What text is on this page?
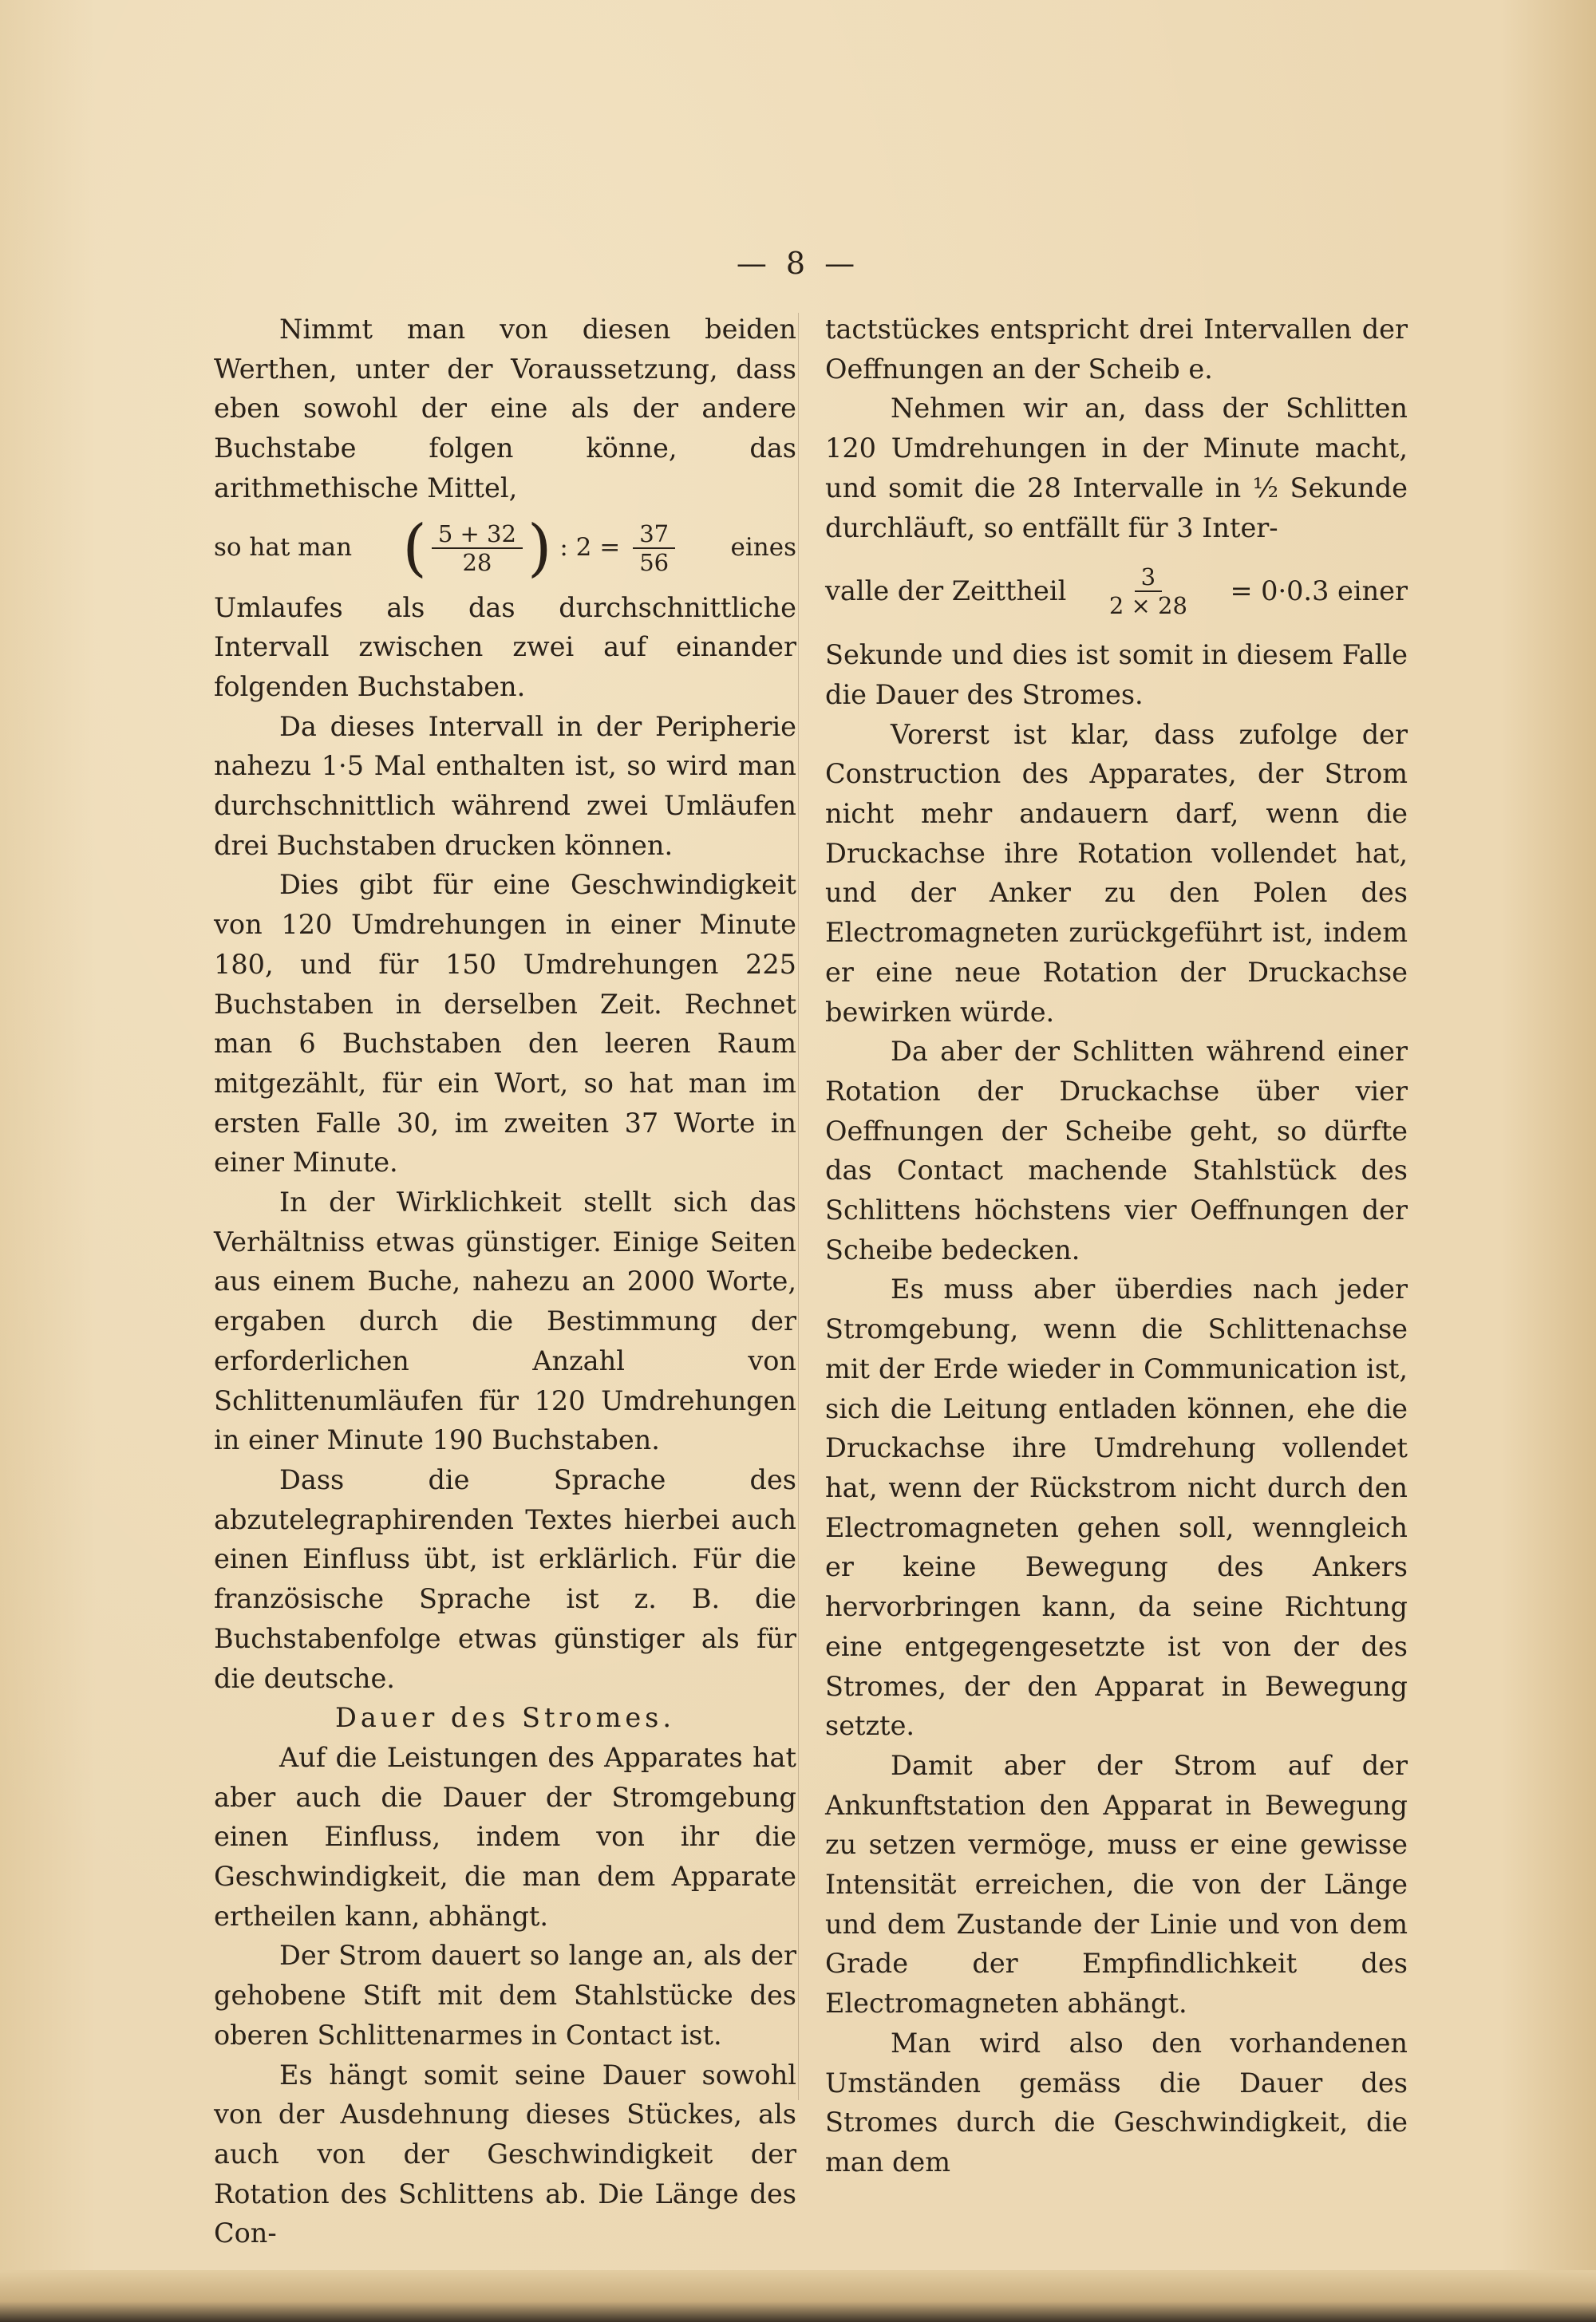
— 8 —

Nimmt man von diesen beiden Werthen, unter der Voraussetzung, dass eben sowohl der eine als der andere Buchstabe folgen könne, das arithmethische Mittel,

so hat man ( $\frac{5 + 32}{28}$ ) : $2 = \frac{37}{56}$ eines

Umlaufes als das durchschnittliche Intervall zwischen zwei auf einander folgenden Buchstaben.

Da dieses Intervall in der Peripherie nahezu 1·5 Mal enthalten ist, so wird man durchschnittlich während zwei Umläufen drei Buchstaben drucken können.

Dies gibt für eine Geschwindigkeit von 120 Umdrehungen in einer Minute 180, und für 150 Umdrehungen 225 Buchstaben in derselben Zeit. Rechnet man 6 Buchstaben den leeren Raum mitgezählt, für ein Wort, so hat man im ersten Falle 30, im zweiten 37 Worte in einer Minute.

In der Wirklichkeit stellt sich das Verhältniss etwas günstiger. Einige Seiten aus einem Buche, nahezu an 2000 Worte, ergaben durch die Bestimmung der erforderlichen Anzahl von Schlittenumläufen für 120 Umdrehungen in einer Minute 190 Buchstaben.

Dass die Sprache des abzutelegraphirenden Textes hierbei auch einen Einfluss übt, ist erklärlich. Für die französische Sprache ist z. B. die Buchstabenfolge etwas günstiger als für die deutsche.

Dauer des Stromes.

Auf die Leistungen des Apparates hat aber auch die Dauer der Stromgebung einen Einfluss, indem von ihr die Geschwindigkeit, die man dem Apparate ertheilen kann, abhängt.

Der Strom dauert so lange an, als der gehobene Stift mit dem Stahlstücke des oberen Schlittenarmes in Contact ist.

Es hängt somit seine Dauer sowohl von der Ausdehnung dieses Stückes, als auch von der Geschwindigkeit der Rotation des Schlittens ab. Die Länge des Con-

tactstückes entspricht drei Intervallen der Oeffnungen an der Scheib e.

Nehmen wir an, dass der Schlitten 120 Umdrehungen in der Minute macht, und somit die 28 Intervalle in ½ Sekunde durchläuft, so entfällt für 3 Inter-

valle der Zeittheil $\frac{3}{2 \times 28} = 0\cdot 0.3$ einer

Sekunde und dies ist somit in diesem Falle die Dauer des Stromes.

Vorerst ist klar, dass zufolge der Construction des Apparates, der Strom nicht mehr andauern darf, wenn die Druckachse ihre Rotation vollendet hat, und der Anker zu den Polen des Electromagneten zurückgeführt ist, indem er eine neue Rotation der Druckachse bewirken würde.

Da aber der Schlitten während einer Rotation der Druckachse über vier Oeffnungen der Scheibe geht, so dürfte das Contact machende Stahlstück des Schlittens höchstens vier Oeffnungen der Scheibe bedecken.

Es muss aber überdies nach jeder Stromgebung, wenn die Schlittenachse mit der Erde wieder in Communication ist, sich die Leitung entladen können, ehe die Druckachse ihre Umdrehung vollendet hat, wenn der Rückstrom nicht durch den Electromagneten gehen soll, wenngleich er keine Bewegung des Ankers hervorbringen kann, da seine Richtung eine entgegengesetzte ist von der des Stromes, der den Apparat in Bewegung setzte.

Damit aber der Strom auf der Ankunftstation den Apparat in Bewegung zu setzen vermöge, muss er eine gewisse Intensität erreichen, die von der Länge und dem Zustande der Linie und von dem Grade der Empfindlichkeit des Electromagneten abhängt.

Man wird also den vorhandenen Umständen gemäss die Dauer des Stromes durch die Geschwindigkeit, die man dem
